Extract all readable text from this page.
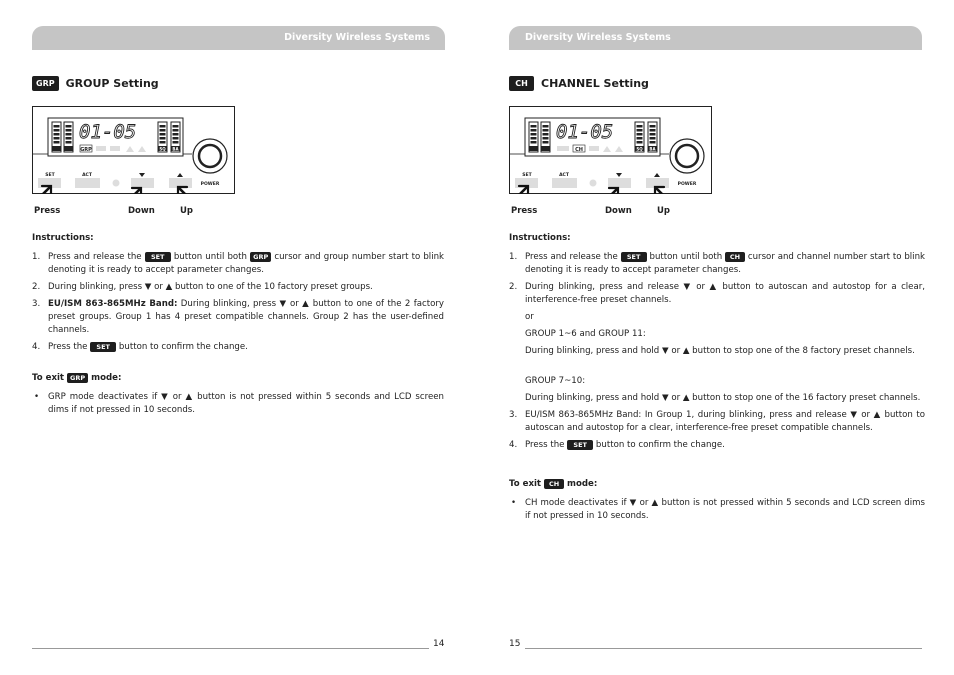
Diversity Wireless Systems
GRP	GROUP Setting
01-05
GRP	SQ BA
POWER
SET	ACT
Press	Down	Up
Instructions:
1. Press and release the SET button until both GRP cursor and group number start to blink denoting it is ready to accept parameter changes.
2. During blinking, press ▼ or ▲ button to one of the 10 factory preset groups.
3. EU/ISM 863-865MHz Band: During blinking, press ▼ or ▲ button to one of the 2 factory preset groups. Group 1 has 4 preset compatible channels. Group 2 has the user-defined channels.
4. Press the SET button to confirm the change.
To exit GRP mode:
• GRP mode deactivates if ▼ or ▲ button is not pressed within 5 seconds and LCD screen dims if not pressed in 10 seconds.
14
Diversity Wireless Systems
CH	CHANNEL Setting
01-05
CH	SQ BA
POWER
SET	ACT
Press	Down	Up
Instructions:
1. Press and release the SET button until both CH cursor and channel number start to blink denoting it is ready to accept parameter changes.
2. During blinking, press and release ▼ or ▲ button to autoscan and autostop for a clear, interference-free preset channels.

or

GROUP 1~6 and GROUP 11:

During blinking, press and hold ▼ or ▲ button to stop one of the 8 factory preset channels.

GROUP 7~10:

During blinking, press and hold ▼ or ▲ button to stop one of the 16 factory preset channels.

3. EU/ISM 863-865MHz Band: In Group 1, during blinking, press and release ▼ or ▲ button to autoscan and autostop for a clear, interference-free preset compatible channels.
4. Press the SET button to confirm the change.
To exit CH mode:
• CH mode deactivates if ▼ or ▲ button is not pressed within 5 seconds and LCD screen dims if not pressed in 10 seconds.
15
